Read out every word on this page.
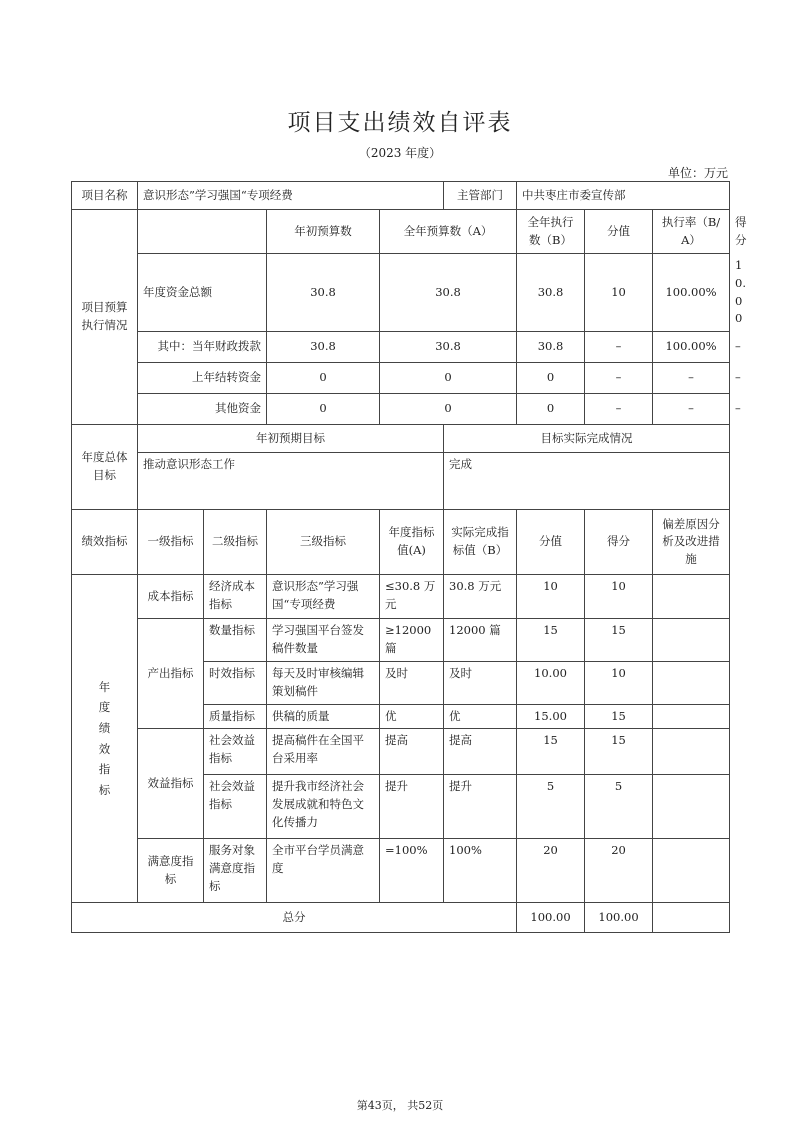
项目支出绩效自评表
（2023 年度）
单位：万元
项目名称	意识形态”学习强国“专项经费				主管部门	中共枣庄市委宣传部			
项目预算执行情况			年初预算数	全年预算数（A）		全年执行数（B）	分值	执行率（B/A）	得分
	年度资金总额		30.8	30.8		30.8	10	100.00%	10.00
	其中：当年财政拨款		30.8	30.8		30.8	–	100.00%	–
	上年结转资金		0	0		0	–	–	–
	其他资金		0	0		0	–	–	–
年度总体目标	年初预期目标				目标实际完成情况				
	推动意识形态工作				完成				
绩效指标	一级指标	二级指标	三级指标	年度指标值(A)	实际完成指标值（B）	分值	得分	偏差原因分析及改进措施	
年度绩效指标	成本指标	经济成本指标	意识形态”学习强国“专项经费	≤30.8 万元	30.8 万元	10	10		
	产出指标	数量指标	学习强国平台签发稿件数量	≥12000 篇	12000 篇	15	15		
		时效指标	每天及时审核编辑策划稿件	及时	及时	10.00	10		
		质量指标	供稿的质量	优	优	15.00	15		
	效益指标	社会效益指标	提高稿件在全国平台采用率	提高	提高	15	15		
		社会效益指标	提升我市经济社会发展成就和特色文化传播力	提升	提升	5	5		
	满意度指标	服务对象满意度指标	全市平台学员满意度	=100%	100%	20	20		
总分						100.00	100.00		
第43页， 共52页
